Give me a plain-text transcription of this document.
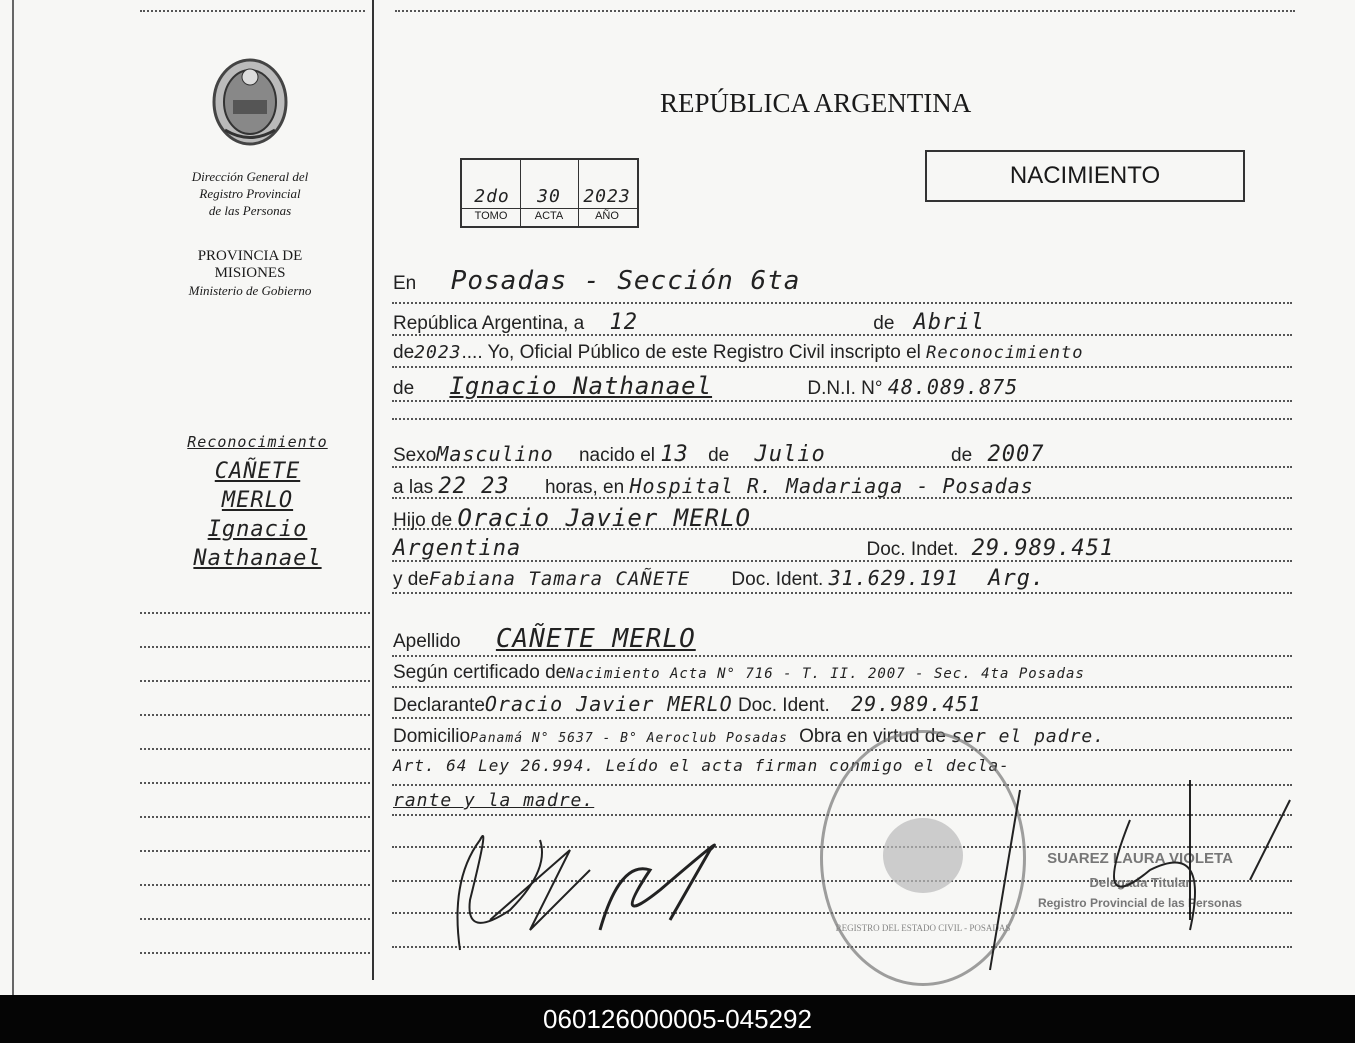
Dirección General del
Registro Provincial
de las Personas
PROVINCIA DE
MISIONES
Ministerio de Gobierno
Reconocimiento
CAÑETE
MERLO
Ignacio
Nathanael
REPÚBLICA ARGENTINA
2do	30	2023
TOMO	ACTA	AÑO
NACIMIENTO
En Posadas - Sección 6ta
República Argentina, a 12	de Abril
de2023.... Yo, Oficial Público de este Registro Civil inscripto el Reconocimiento
de Ignacio Nathanael	D.N.I. N° 48.089.875
SexoMasculino nacido el 13 de Julio	de 2007
a las 22 23 horas, en Hospital R. Madariaga - Posadas
Hijo de Oracio Javier MERLO
Argentina	Doc. Indet. 29.989.451
y deFabiana Tamara CAÑETE Doc. Ident. 31.629.191 Arg.
Apellido CAÑETE MERLO
Según certificado deNacimiento Acta N° 716 - T. II. 2007 - Sec. 4ta Posadas
DeclaranteOracio Javier MERLO Doc. Ident. 29.989.451
DomicilioPanamá N° 5637 - B° Aeroclub Posadas Obra en virtud de ser el padre.
Art. 64 Ley 26.994. Leído el acta firman conmigo el decla-
rante y la madre.
REGISTRO DEL ESTADO CIVIL - POSADAS
SUAREZ LAURA VIOLETA
Delegada Titular
Registro Provincial de las Personas
060126000005-045292
